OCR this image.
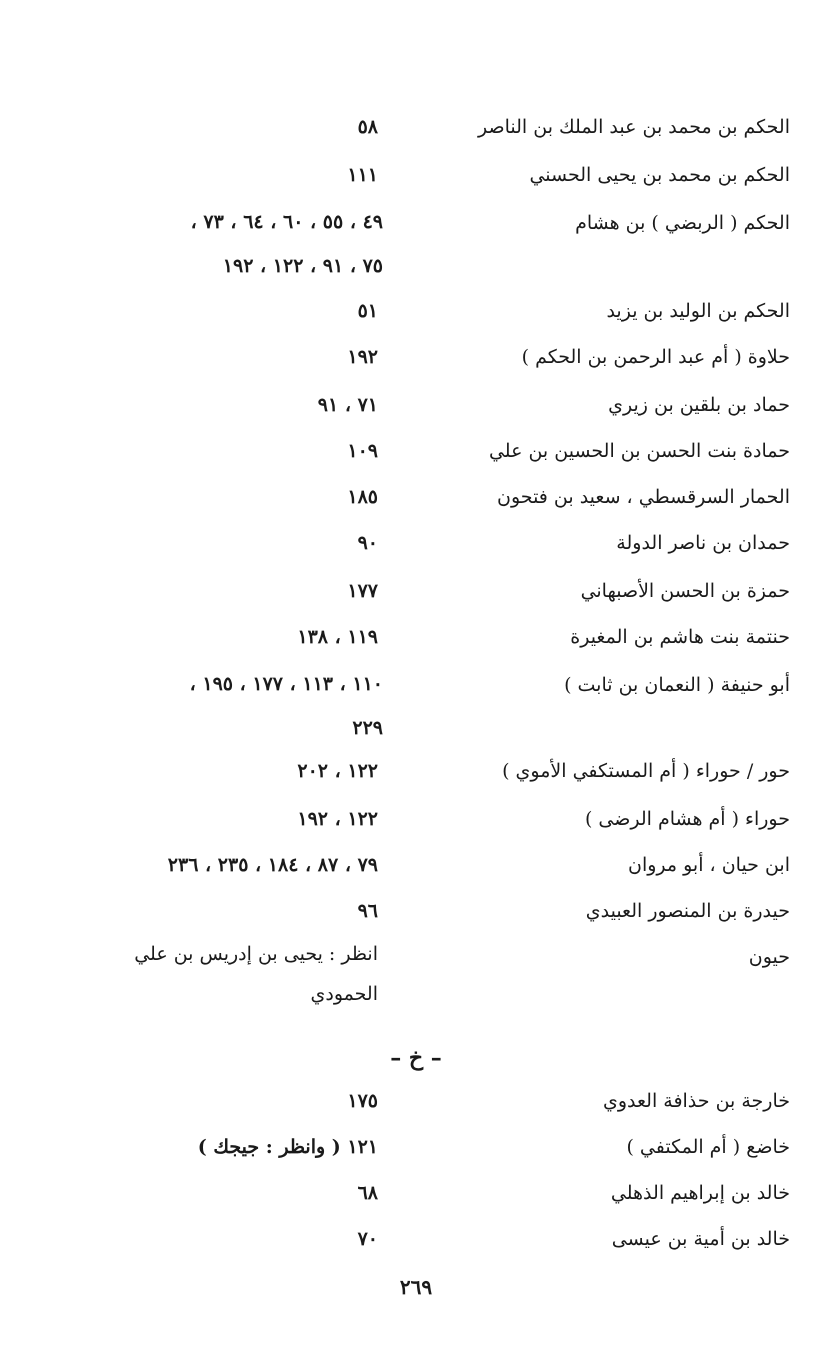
الحكم بن محمد بن عبد الملك بن الناصر
٥٨
الحكم بن محمد بن يحيى الحسني
١١١
الحكم ( الربضي ) بن هشام
٤٩ ، ٥٥ ، ٦٠ ، ٦٤ ، ٧٣ ،
٧٥ ، ٩١ ، ١٢٢ ، ١٩٢
الحكم بن الوليد بن يزيد
٥١
حلاوة ( أم عبد الرحمن بن الحكم )
١٩٢
حماد بن بلقين بن زيري
٧١ ، ٩١
حمادة بنت الحسن بن الحسين بن علي
١٠٩
الحمار السرقسطي ، سعيد بن فتحون
١٨٥
حمدان بن ناصر الدولة
٩٠
حمزة بن الحسن الأصبهاني
١٧٧
حنتمة بنت هاشم بن المغيرة
١١٩ ، ١٣٨
أبو حنيفة ( النعمان بن ثابت )
١١٠ ، ١١٣ ، ١٧٧ ، ١٩٥ ،
٢٢٩
حور / حوراء ( أم المستكفي الأموي )
١٢٢ ، ٢٠٢
حوراء ( أم هشام الرضى )
١٢٢ ، ١٩٢
ابن حيان ، أبو مروان
٧٩ ، ٨٧ ، ١٨٤ ، ٢٣٥ ، ٢٣٦
حيدرة بن المنصور العبيدي
٩٦
حيون
انظر : يحيى بن إدريس بن علي
الحمودي
– خ –
خارجة بن حذافة العدوي
١٧٥
خاضع ( أم المكتفي )
١٢١ ( وانظر : جيجك )
خالد بن إبراهيم الذهلي
٦٨
خالد بن أمية بن عيسى
٧٠
٢٦٩
